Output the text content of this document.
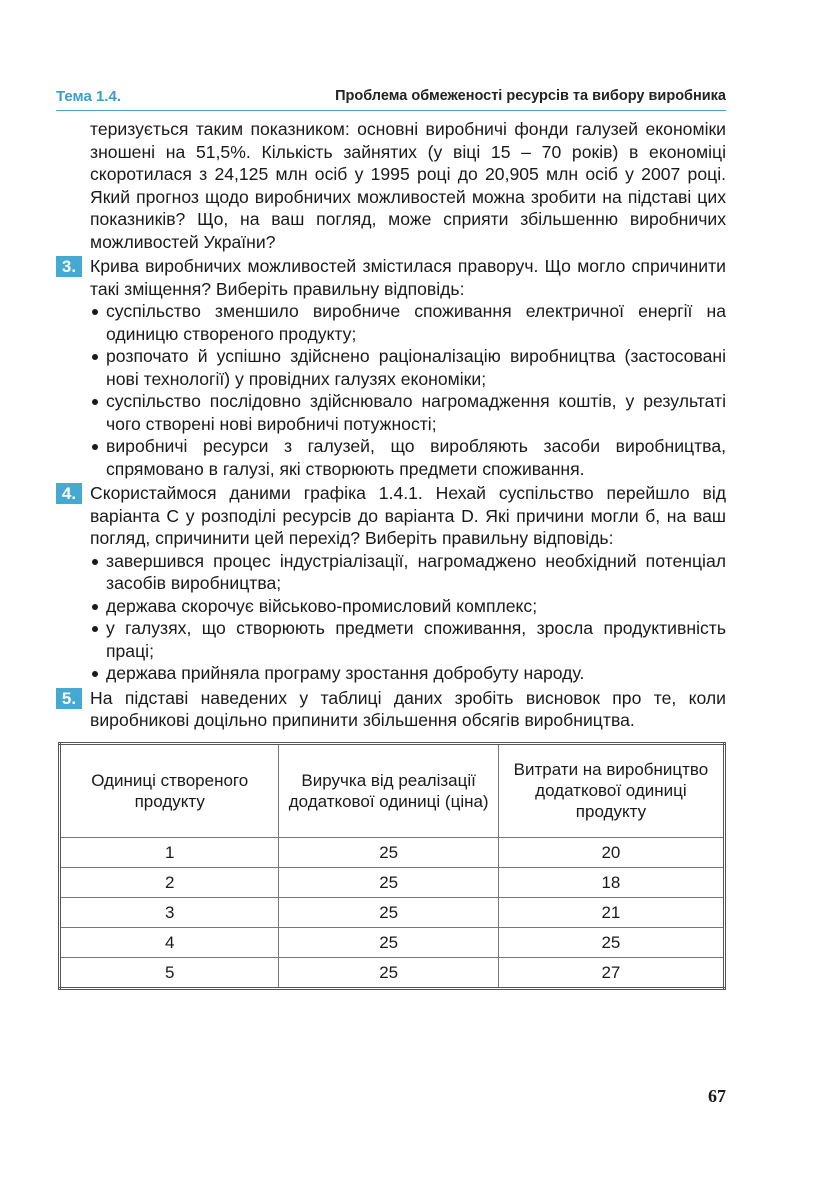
Тема 1.4.	Проблема обмеженості ресурсів та вибору виробника
теризується таким показником: основні виробничі фонди галузей економіки зношені на 51,5%. Кількість зайнятих (у віці 15 – 70 років) в економіці скоротилася з 24,125 млн осіб у 1995 році до 20,905 млн осіб у 2007 році. Який прогноз щодо виробничих можливостей можна зробити на підставі цих показників? Що, на ваш погляд, може сприяти збільшенню виробничих можливостей України?
3. Крива виробничих можливостей змістилася праворуч. Що могло спричинити такі зміщення? Виберіть правильну відповідь:
суспільство зменшило виробниче споживання електричної енергії на одиницю створеного продукту;
розпочато й успішно здійснено раціоналізацію виробництва (застосовані нові технології) у провідних галузях економіки;
суспільство послідовно здійснювало нагромадження коштів, у результаті чого створені нові виробничі потужності;
виробничі ресурси з галузей, що виробляють засоби виробництва, спрямовано в галузі, які створюють предмети споживання.
4. Скористаймося даними графіка 1.4.1. Нехай суспільство перейшло від варіанта С у розподілі ресурсів до варіанта D. Які причини могли б, на ваш погляд, спричинити цей перехід? Виберіть правильну відповідь:
завершився процес індустріалізації, нагромаджено необхідний потенціал засобів виробництва;
держава скорочує військово-промисловий комплекс;
у галузях, що створюють предмети споживання, зросла продуктивність праці;
держава прийняла програму зростання добробуту народу.
5. На підставі наведених у таблиці даних зробіть висновок про те, коли виробникові доцільно припинити збільшення обсягів виробництва.
Одиниці створеного продукту	Виручка від реалізації додаткової одиниці (ціна)	Витрати на виробництво додаткової одиниці продукту
1	25	20
2	25	18
3	25	21
4	25	25
5	25	27
67
